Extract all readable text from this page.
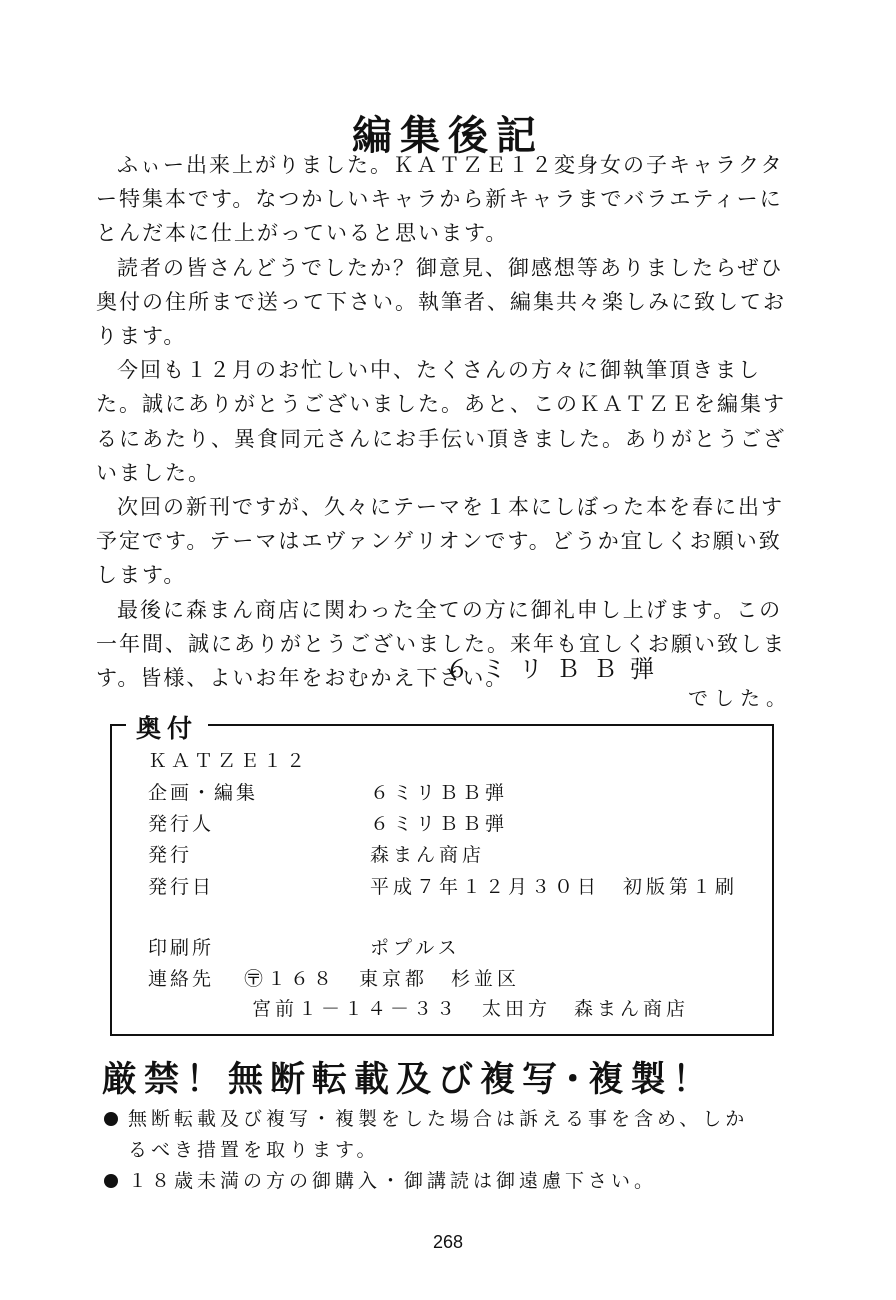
編集後記

ふぃー出来上がりました。ＫＡＴＺＥ１２変身女の子キャラクター特集本です。なつかしいキャラから新キャラまでバラエティーにとんだ本に仕上がっていると思います。

読者の皆さんどうでしたか？御意見、御感想等ありましたらぜひ奥付の住所まで送って下さい。執筆者、編集共々楽しみに致しております。

今回も１２月のお忙しい中、たくさんの方々に御執筆頂きました。誠にありがとうございました。あと、このＫＡＴＺＥを編集するにあたり、異食同元さんにお手伝い頂きました。ありがとうございました。

次回の新刊ですが、久々にテーマを１本にしぼった本を春に出す予定です。テーマはエヴァンゲリオンです。どうか宜しくお願い致します。

最後に森まん商店に関わった全ての方に御礼申し上げます。この一年間、誠にありがとうございました。来年も宜しくお願い致します。皆様、よいお年をおむかえ下さい。

６ミリＢＢ弾
でした。
奥付
ＫＡＴＺＥ１２
企画・編集	６ミリＢＢ弾
発行人	６ミリＢＢ弾
発行	森まん商店
発行日	平成７年１２月３０日　初版第１刷
印刷所	ポプルス
連絡先 〶１６８　東京都　杉並区
宮前１－１４－３３　太田方　森まん商店
厳禁！無断転載及び複写･複製！
無断転載及び複写・複製をした場合は訴える事を含め、しか
るべき措置を取ります。
１８歳未満の方の御購入・御講読は御遠慮下さい。
268
